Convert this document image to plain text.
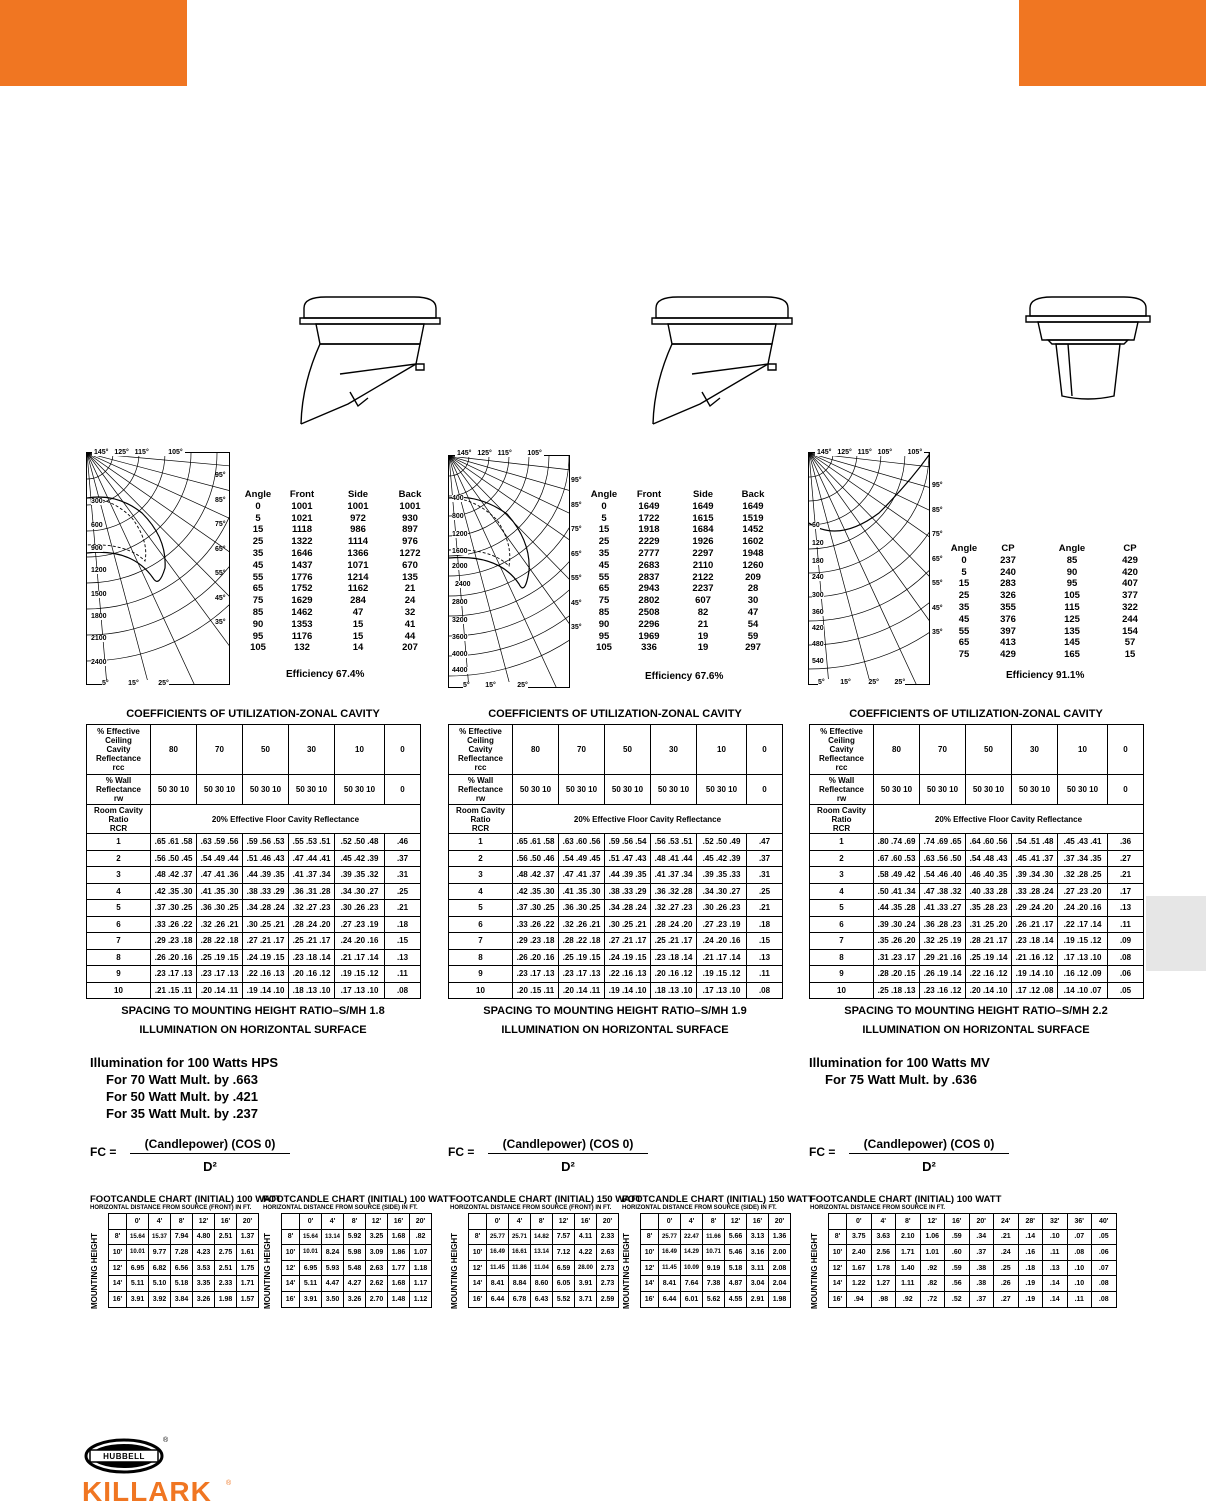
300
600
900
1200
1500
1800
2100
2400
145° 125° 115°	105°
95°
85°
75°
65°
55°
45°
35°
5°	15°	25°
Angle	Front	Side	Back
0	1001	1001	1001
5	1021	972	930
15	1118	986	897
25	1322	1114	976
35	1646	1366	1272
45	1437	1071	670
55	1776	1214	135
65	1752	1162	21
75	1629	284	24
85	1462	47	32
90	1353	15	41
95	1176	15	44
105	132	14	207
Efficiency 67.4%
400
800
1200
1600
2000
2400
2800
3200
3600
4000
4400
145° 125° 115° 105°
95°
85°
75°
65°
55°
45°
35°
5° 15°	25°
Angle	Front	Side	Back
0	1649	1649	1649
5	1722	1615	1519
15	1918	1684	1452
25	2229	1926	1602
35	2777	2297	1948
45	2683	2110	1260
55	2837	2122	209
65	2943	2237	28
75	2802	607	30
85	2508	82	47
90	2296	21	54
95	1969	19	59
105	336	19	297
Efficiency 67.6%
60
120
180
240
300
360
420
480
540
145° 125° 115° 105° 105°
95°
85°
75°
65°
55°
45°
35°
5° 15°	25° 25°
Angle	CP	Angle	CP
0	237	85	429
5	240	90	420
15	283	95	407
25	326	105	377
35	355	115	322
45	376	125	244
55	397	135	154
65	413	145	57
75	429	165	15
Efficiency 91.1%
COEFFICIENTS OF UTILIZATION-ZONAL CAVITY	COEFFICIENTS OF UTILIZATION-ZONAL CAVITY	COEFFICIENTS OF UTILIZATION-ZONAL CAVITY
% Effective
Ceiling
Cavity
Reflectance
rcc	80	70	50	30	10	0

% Wall
Reflectance
rw	50 30 10	50 30 10	50 30 10	50 30 10	50 30 10	0

Room Cavity
Ratio
RCR	20% Effective Floor Cavity Reflectance					
1	.65 .61 .58	.63 .59 .56	.59 .56 .53	.55 .53 .51	.52 .50 .48	.46
2	.56 .50 .45	.54 .49 .44	.51 .46 .43	.47 .44 .41	.45 .42 .39	.37
3	.48 .42 .37	.47 .41 .36	.44 .39 .35	.41 .37 .34	.39 .35 .32	.31
4	.42 .35 .30	.41 .35 .30	.38 .33 .29	.36 .31 .28	.34 .30 .27	.25
5	.37 .30 .25	.36 .30 .25	.34 .28 .24	.32 .27 .23	.30 .26 .23	.21
6	.33 .26 .22	.32 .26 .21	.30 .25 .21	.28 .24 .20	.27 .23 .19	.18
7	.29 .23 .18	.28 .22 .18	.27 .21 .17	.25 .21 .17	.24 .20 .16	.15
8	.26 .20 .16	.25 .19 .15	.24 .19 .15	.23 .18 .14	.21 .17 .14	.13
9	.23 .17 .13	.23 .17 .13	.22 .16 .13	.20 .16 .12	.19 .15 .12	.11
10	.21 .15 .11	.20 .14 .11	.19 .14 .10	.18 .13 .10	.17 .13 .10	.08
% Effective
Ceiling
Cavity
Reflectance
rcc	80	70	50	30	10	0

% Wall
Reflectance
rw	50 30 10	50 30 10	50 30 10	50 30 10	50 30 10	0

Room Cavity
Ratio
RCR	20% Effective Floor Cavity Reflectance					
1	.65 .61 .58	.63 .60 .56	.59 .56 .54	.56 .53 .51	.52 .50 .49	.47
2	.56 .50 .46	.54 .49 .45	.51 .47 .43	.48 .41 .44	.45 .42 .39	.37
3	.48 .42 .37	.47 .41 .37	.44 .39 .35	.41 .37 .34	.39 .35 .33	.31
4	.42 .35 .30	.41 .35 .30	.38 .33 .29	.36 .32 .28	.34 .30 .27	.25
5	.37 .30 .25	.36 .30 .25	.34 .28 .24	.32 .27 .23	.30 .26 .23	.21
6	.33 .26 .22	.32 .26 .21	.30 .25 .21	.28 .24 .20	.27 .23 .19	.18
7	.29 .23 .18	.28 .22 .18	.27 .21 .17	.25 .21 .17	.24 .20 .16	.15
8	.26 .20 .16	.25 .19 .15	.24 .19 .15	.23 .18 .14	.21 .17 .14	.13
9	.23 .17 .13	.23 .17 .13	.22 .16 .13	.20 .16 .12	.19 .15 .12	.11
10	.20 .15 .11	.20 .14 .11	.19 .14 .10	.18 .13 .10	.17 .13 .10	.08
% Effective
Ceiling
Cavity
Reflectance
rcc	80	70	50	30	10	0

% Wall
Reflectance
rw	50 30 10	50 30 10	50 30 10	50 30 10	50 30 10	0

Room Cavity
Ratio
RCR	20% Effective Floor Cavity Reflectance					
1	.80 .74 .69	.74 .69 .65	.64 .60 .56	.54 .51 .48	.45 .43 .41	.36
2	.67 .60 .53	.63 .56 .50	.54 .48 .43	.45 .41 .37	.37 .34 .35	.27
3	.58 .49 .42	.54 .46 .40	.46 .40 .35	.39 .34 .30	.32 .28 .25	.21
4	.50 .41 .34	.47 .38 .32	.40 .33 .28	.33 .28 .24	.27 .23 .20	.17
5	.44 .35 .28	.41 .33 .27	.35 .28 .23	.29 .24 .20	.24 .20 .16	.13
6	.39 .30 .24	.36 .28 .23	.31 .25 .20	.26 .21 .17	.22 .17 .14	.11
7	.35 .26 .20	.32 .25 .19	.28 .21 .17	.23 .18 .14	.19 .15 .12	.09
8	.31 .23 .17	.29 .21 .16	.25 .19 .14	.21 .16 .12	.17 .13 .10	.08
9	.28 .20 .15	.26 .19 .14	.22 .16 .12	.19 .14 .10	.16 .12 .09	.06
10	.25 .18 .13	.23 .16 .12	.20 .14 .10	.17 .12 .08	.14 .10 .07	.05
SPACING TO MOUNTING HEIGHT RATIO–S/MH 1.8
ILLUMINATION ON HORIZONTAL SURFACE
SPACING TO MOUNTING HEIGHT RATIO–S/MH 1.9
ILLUMINATION ON HORIZONTAL SURFACE
SPACING TO MOUNTING HEIGHT RATIO–S/MH 2.2
ILLUMINATION ON HORIZONTAL SURFACE
Illumination for 100 Watts HPS
For 70 Watt Mult. by .663
For 50 Watt Mult. by .421
For 35 Watt Mult. by .237
Illumination for 100 Watts MV
For 75 Watt Mult. by .636
FC =
(Candlepower) (COS 0)
D²
FC =
(Candlepower) (COS 0)
D²
FC =
(Candlepower) (COS 0)
D²
FOOTCANDLE CHART (INITIAL) 100 WATT
HORIZONTAL DISTANCE FROM SOURCE (FRONT) IN FT.
MOUNTING HEIGHT
	0'	4'	8'	12'	16'	20'
8'	15.64	15.37	7.94	4.80	2.51	1.37
10'	10.01	9.77	7.28	4.23	2.75	1.61
12'	6.95	6.82	6.56	3.53	2.51	1.75
14'	5.11	5.10	5.18	3.35	2.33	1.71
16'	3.91	3.92	3.84	3.26	1.98	1.57
FOOTCANDLE CHART (INITIAL) 100 WATT
HORIZONTAL DISTANCE FROM SOURCE (SIDE) IN FT.
MOUNTING HEIGHT
	0'	4'	8'	12'	16'	20'
8'	15.64	13.14	5.92	3.25	1.68	.82
10'	10.01	8.24	5.98	3.09	1.86	1.07
12'	6.95	5.93	5.48	2.63	1.77	1.18
14'	5.11	4.47	4.27	2.62	1.68	1.17
16'	3.91	3.50	3.26	2.70	1.48	1.12
FOOTCANDLE CHART (INITIAL) 150 WATT
HORIZONTAL DISTANCE FROM SOURCE (FRONT) IN FT.
MOUNTING HEIGHT
	0'	4'	8'	12'	16'	20'
8'	25.77	25.71	14.82	7.57	4.11	2.33
10'	16.49	16.61	13.14	7.12	4.22	2.63
12'	11.45	11.86	11.04	6.59	28.00	2.73
14'	8.41	8.84	8.60	6.05	3.91	2.73
16'	6.44	6.78	6.43	5.52	3.71	2.59
FOOTCANDLE CHART (INITIAL) 150 WATT
HORIZONTAL DISTANCE FROM SOURCE (SIDE) IN FT.
MOUNTING HEIGHT
	0'	4'	8'	12'	16'	20'
8'	25.77	22.47	11.66	5.66	3.13	1.36
10'	16.49	14.29	10.71	5.46	3.16	2.00
12'	11.45	10.09	9.19	5.18	3.11	2.08
14'	8.41	7.64	7.38	4.87	3.04	2.04
16'	6.44	6.01	5.62	4.55	2.91	1.98
FOOTCANDLE CHART (INITIAL) 100 WATT
HORIZONTAL DISTANCE FROM SOURCE IN FT.
MOUNTING HEIGHT
	0'	4'	8'	12'	16'	20'	24'	28'	32'	36'	40'
8'	3.75	3.63	2.10	1.06	.59	.34	.21	.14	.10	.07	.05
10'	2.40	2.56	1.71	1.01	.60	.37	.24	.16	.11	.08	.06
12'	1.67	1.78	1.40	.92	.59	.38	.25	.18	.13	.10	.07
14'	1.22	1.27	1.11	.82	.56	.38	.26	.19	.14	.10	.08
16'	.94	.98	.92	.72	.52	.37	.27	.19	.14	.11	.08
HUBBELL
®
KILLARK ®
